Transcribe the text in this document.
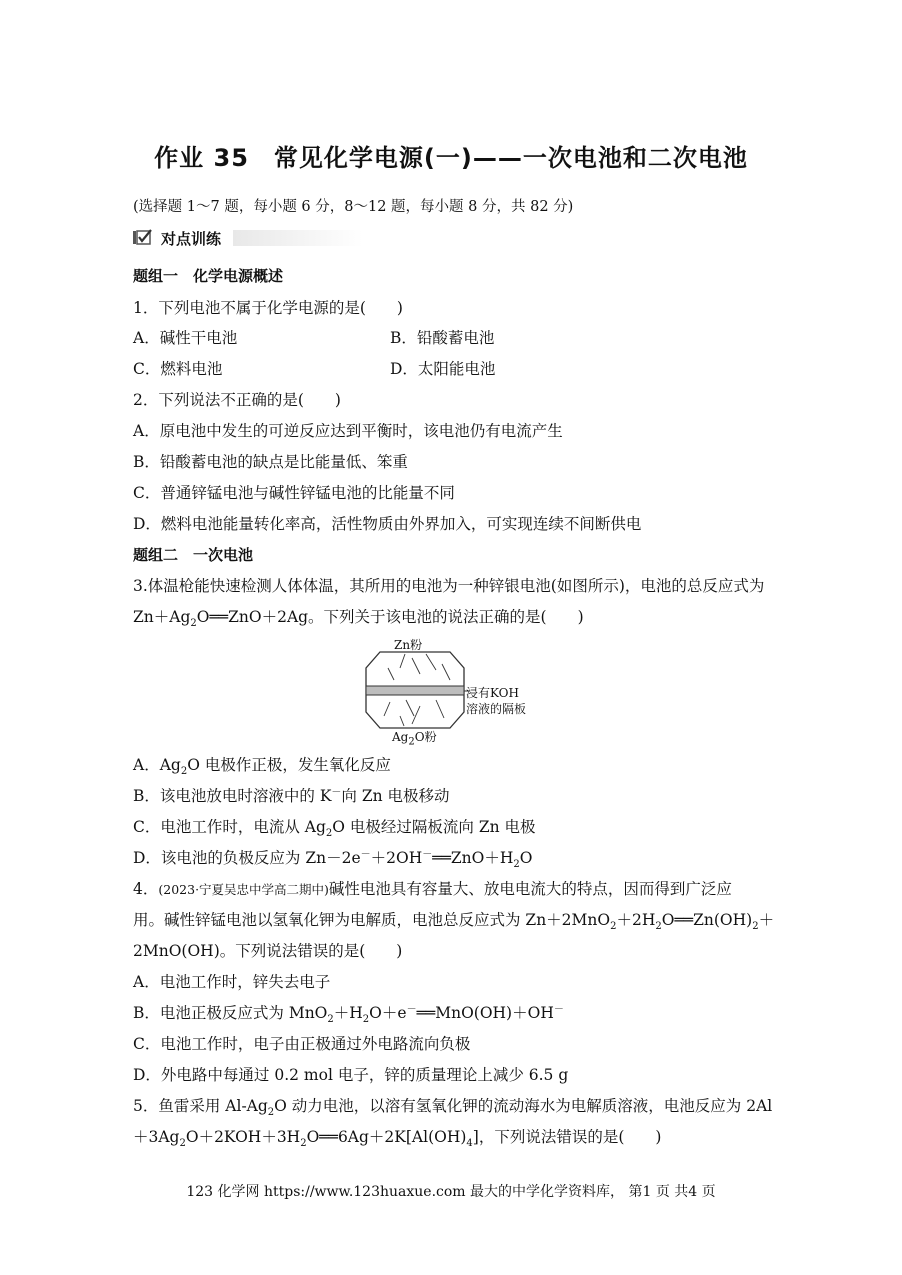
作业 35　常见化学电源(一)——一次电池和二次电池
(选择题 1～7 题，每小题 6 分，8～12 题，每小题 8 分，共 82 分)
对点训练
题组一　化学电源概述
1．下列电池不属于化学电源的是(　　)
A．碱性干电池	B．铅酸蓄电池
C．燃料电池	D．太阳能电池
2．下列说法不正确的是(　　)
A．原电池中发生的可逆反应达到平衡时，该电池仍有电流产生
B．铅酸蓄电池的缺点是比能量低、笨重
C．普通锌锰电池与碱性锌锰电池的比能量不同
D．燃料电池能量转化率高，活性物质由外界加入，可实现连续不间断供电
题组二　一次电池
3.体温枪能快速检测人体体温，其所用的电池为一种锌银电池(如图所示)，电池的总反应式为
$Zn+Ag_2O══ZnO+2Ag$。下列关于该电池的说法正确的是(　　)
Zn粉
浸有KOH
溶液的隔板
$Ag_2O$粉
A．$Ag_2O$ 电极作正极，发生氧化反应
B．该电池放电时溶液中的 K－向 Zn 电极移动
C．电池工作时，电流从 $Ag_2O$ 电极经过隔板流向 Zn 电极
D．该电池的负极反应为 $Zn-2e^-+2OH^-══ZnO+H_2O$
4．(2023·宁夏吴忠中学高二期中)碱性电池具有容量大、放电电流大的特点，因而得到广泛应
用。碱性锌锰电池以氢氧化钾为电解质，电池总反应式为 $Zn+2MnO_2+2H_2O══Zn(OH)_2+$
2MnO(OH)。下列说法错误的是(　　)
A．电池工作时，锌失去电子
B．电池正极反应式为 $MnO_2+H_2O+e^-══MnO(OH)+OH^-$
C．电池工作时，电子由正极通过外电路流向负极
D．外电路中每通过 0.2 mol 电子，锌的质量理论上减少 6.5 g
5．鱼雷采用 $Al-Ag_2O$ 动力电池，以溶有氢氧化钾的流动海水为电解质溶液，电池反应为 2Al
$+3Ag_2O+2KOH+3H_2O══6Ag+2K[Al(OH)_4]$，下列说法错误的是(　　)
123 化学网 https://www.123huaxue.com 最大的中学化学资料库， 第1 页 共4 页
